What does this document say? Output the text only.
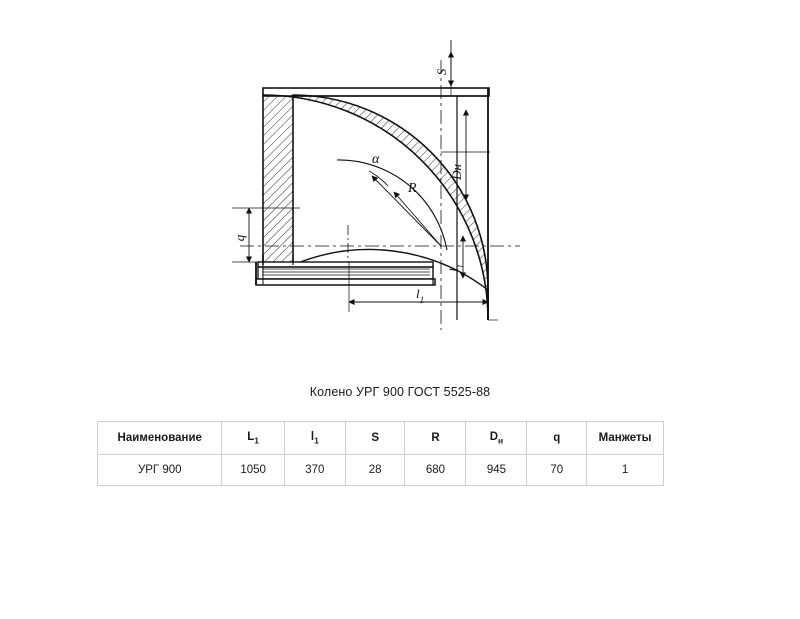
S
Dн
q
R
α
$l_1$
$l_1$
Колено УРГ 900 ГОСТ 5525-88
Наименование	$L_1$	$l_1$	S	R	$D_н$	q	Манжеты
УРГ 900	1050	370	28	680	945	70	1
